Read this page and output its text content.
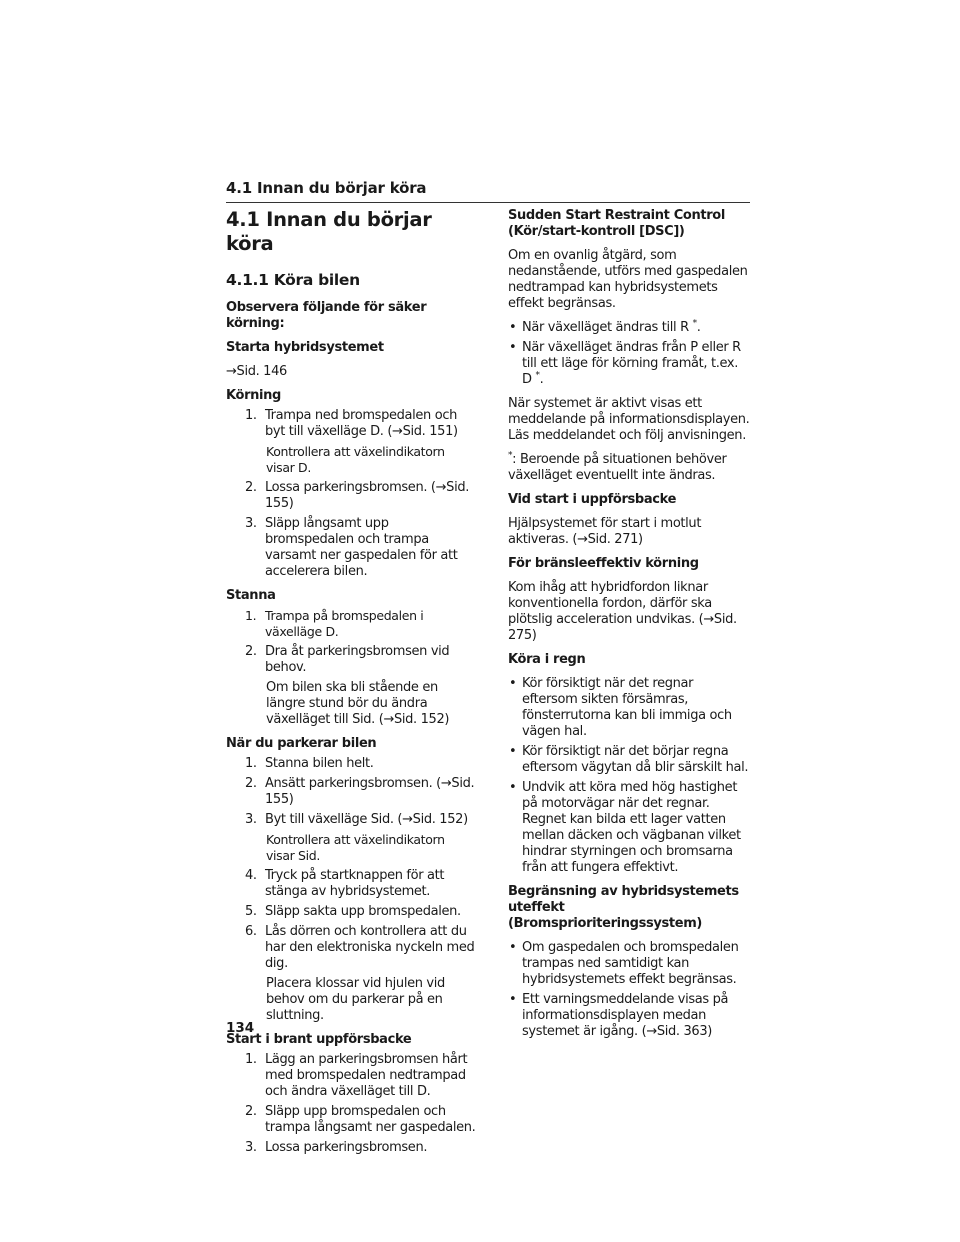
4.1 Innan du börjar köra
4.1 Innan du börjar köra
4.1.1 Köra bilen

Observera följande för säker körning:

Starta hybridsystemet

→Sid. 146

Körning

1. Trampa ned bromspedalen och byt till växelläge D. (→Sid. 151)
Kontrollera att växelindikatorn visar D.
2. Lossa parkeringsbromsen. (→Sid. 155)
3. Släpp långsamt upp bromspedalen och trampa varsamt ner gaspedalen för att accelerera bilen.

Stanna

1. Trampa på bromspedalen i växelläge D.
2. Dra åt parkeringsbromsen vid behov.
Om bilen ska bli stående en längre stund bör du ändra växelläget till Sid. (→Sid. 152)

När du parkerar bilen

1. Stanna bilen helt.
2. Ansätt parkeringsbromsen. (→Sid. 155)
3. Byt till växelläge Sid. (→Sid. 152)
Kontrollera att växelindikatorn visar Sid.
4. Tryck på startknappen för att stänga av hybridsystemet.
5. Släpp sakta upp bromspedalen.
6. Lås dörren och kontrollera att du har den elektroniska nyckeln med dig.
Placera klossar vid hjulen vid behov om du parkerar på en sluttning.

Start i brant uppförsbacke

1. Lägg an parkeringsbromsen hårt med bromspedalen nedtrampad och ändra växelläget till D.
2. Släpp upp bromspedalen och trampa långsamt ner gaspedalen.
3. Lossa parkeringsbromsen.

Sudden Start Restraint Control (Kör/start-kontroll [DSC])

Om en ovanlig åtgärd, som nedanstående, utförs med gaspedalen nedtrampad kan hybridsystemets effekt begränsas.

• När växelläget ändras till R *.
• När växelläget ändras från P eller R till ett läge för körning framåt, t.ex. D *.

När systemet är aktivt visas ett meddelande på informationsdisplayen. Läs meddelandet och följ anvisningen.

*: Beroende på situationen behöver växelläget eventuellt inte ändras.

Vid start i uppförsbacke

Hjälpsystemet för start i motlut aktiveras. (→Sid. 271)

För bränsleeffektiv körning

Kom ihåg att hybridfordon liknar konventionella fordon, därför ska plötslig acceleration undvikas. (→Sid. 275)

Köra i regn

• Kör försiktigt när det regnar eftersom sikten försämras, fönsterrutorna kan bli immiga och vägen hal.
• Kör försiktigt när det börjar regna eftersom vägytan då blir särskilt hal.
• Undvik att köra med hög hastighet på motorvägar när det regnar. Regnet kan bilda ett lager vatten mellan däcken och vägbanan vilket hindrar styrningen och bromsarna från att fungera effektivt.

Begränsning av hybridsystemets uteffekt (Bromsprioriteringssystem)

• Om gaspedalen och bromspedalen trampas ned samtidigt kan hybridsystemets effekt begränsas.
• Ett varningsmeddelande visas på informationsdisplayen medan systemet är igång. (→Sid. 363)
134
